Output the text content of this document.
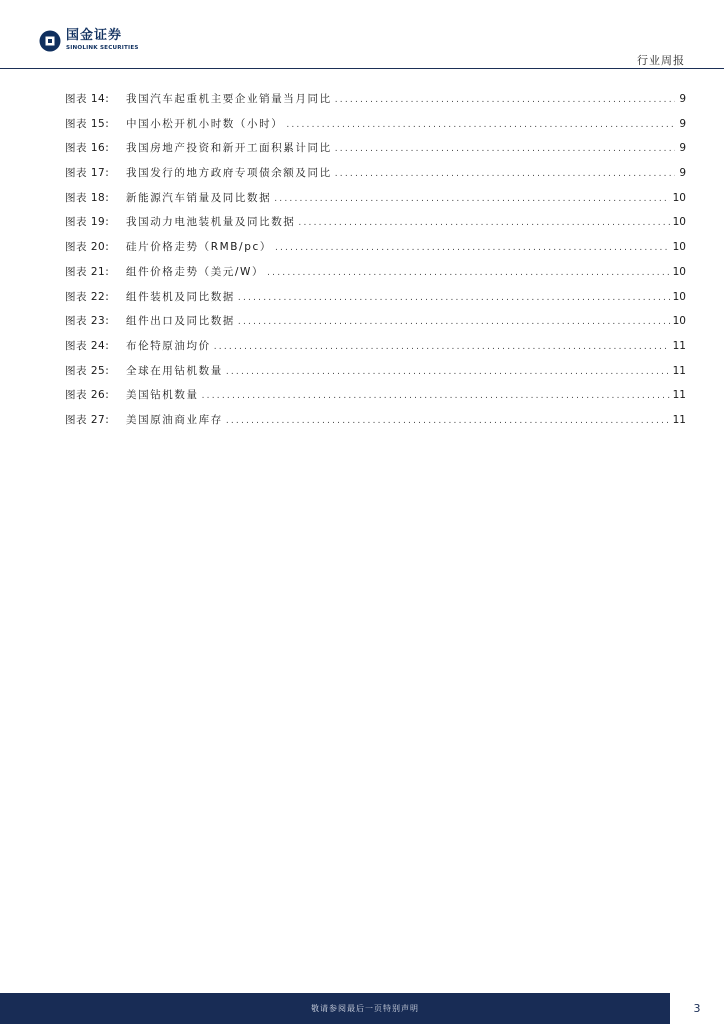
国金证券
SINOLINK SECURITIES
行业周报
图表 14:	我国汽车起重机主要企业销量当月同比 .....	9
图表 15:	中国小松开机小时数（小时） .....	9
图表 16:	我国房地产投资和新开工面积累计同比 .....	9
图表 17:	我国发行的地方政府专项债余额及同比 .....	9
图表 18:	新能源汽车销量及同比数据 .....	10
图表 19:	我国动力电池装机量及同比数据 .....	10
图表 20:	硅片价格走势（RMB/pc） .....	10
图表 21:	组件价格走势（美元/W） .....	10
图表 22:	组件装机及同比数据 .....	10
图表 23:	组件出口及同比数据 .....	10
图表 24:	布伦特原油均价 .....	11
图表 25:	全球在用钻机数量 .....	11
图表 26:	美国钻机数量 .....	11
图表 27:	美国原油商业库存 .....	11
敬请参阅最后一页特别声明	3
